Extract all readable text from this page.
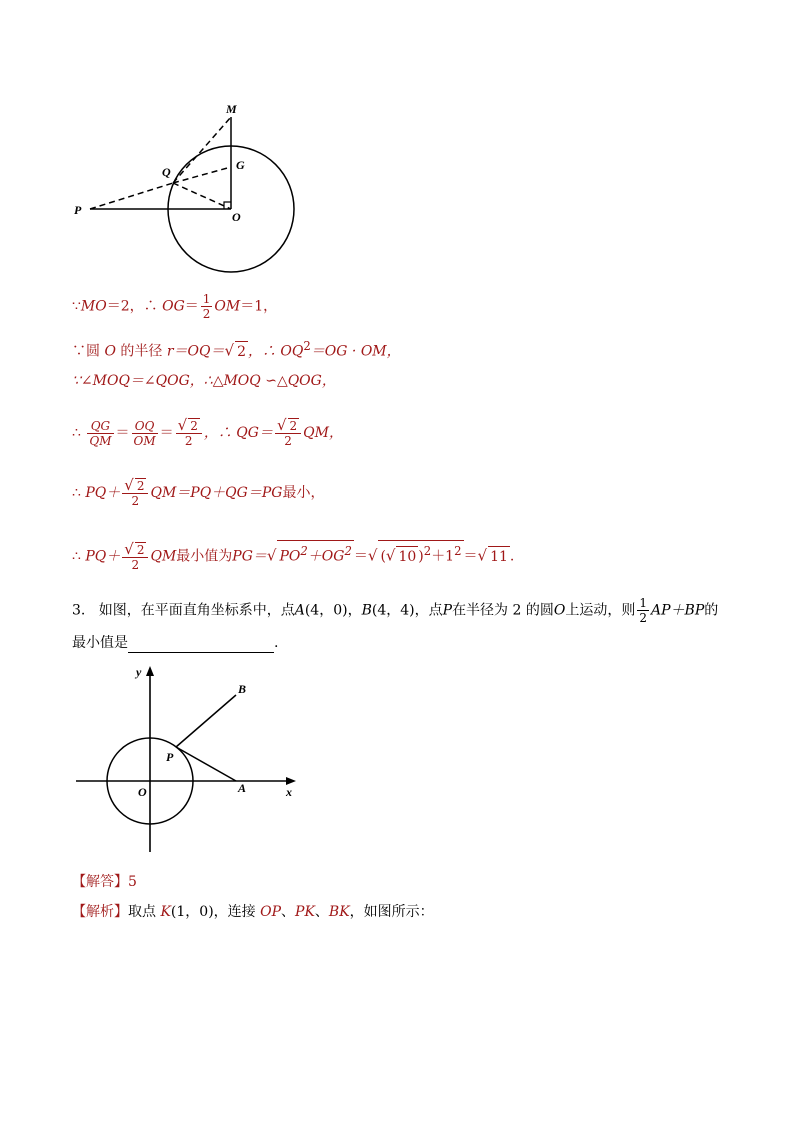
M
G
Q
P	O
∵MO＝2，∴ $OG= \frac{1}{2} OM=1$，
∵圆 O 的半径 r＝OQ＝√ 2 ，∴ $OQ^2=OG$ · OM，
∵∠MOQ＝∠QOG，∴△MOQ ∽△QOG，
∴ $\frac{QG}{QM} = \frac{OQ}{OM} = \frac{√ 2}{2}$ ，∴ $QG= \frac{√ 2}{2}$ QM，
∴ $PQ+ \frac{√ 2}{2} QM=PQ+QG=PG$最小，
∴ $PQ+ \frac{√ 2}{2}$ QM最小值为PG＝√ $PO^2+OG^2$ ＝√ (√ 10 )$^2+1^2$ ＝√ 11 .
3. 如图，在平面直角坐标系中，点A(4，0)，B(4，4)，点P在半径为 2 的圆O上运动，则 $\frac{1}{2} AP+BP$的
最小值是	.
y
B
P
O	A	x
【解答】5
【解析】取点 K(1，0)，连接 OP、PK、BK，如图所示：
